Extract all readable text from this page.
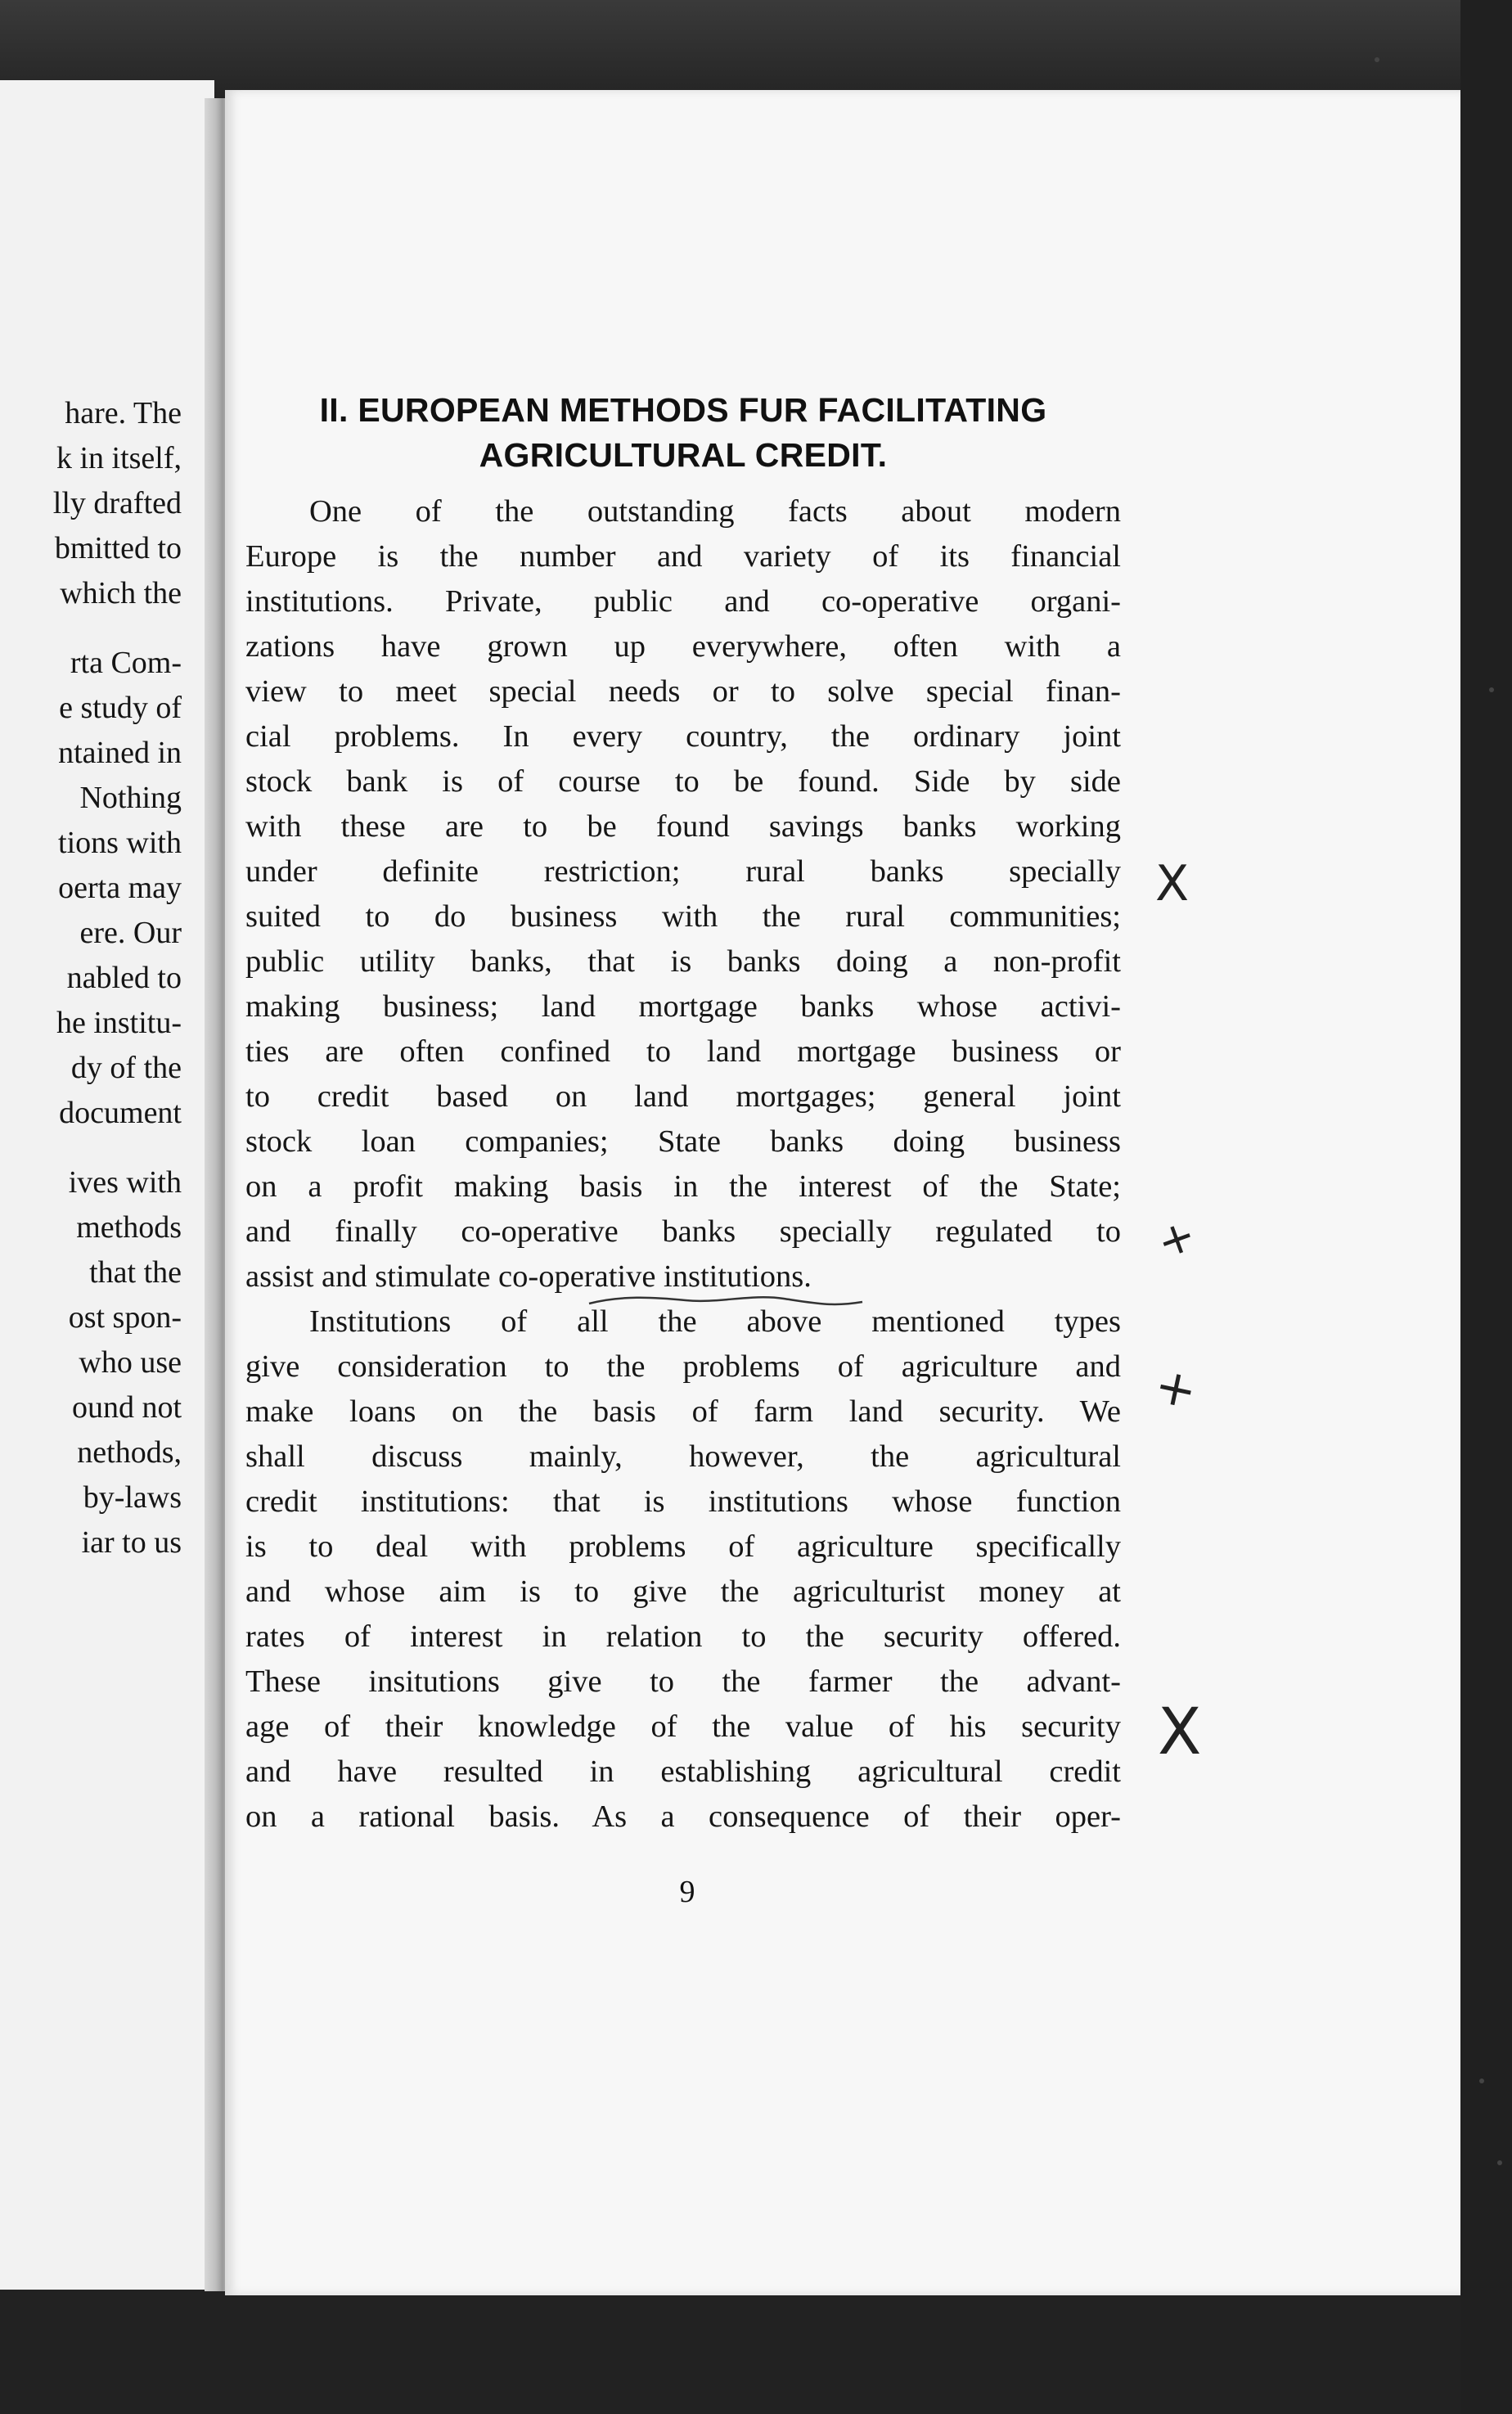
hare. The
k in itself,
lly drafted
bmitted to
which the
rta Com-
e study of
ntained in
Nothing
tions with
oerta may
ere. Our
nabled to
he institu-
dy of the
document
ives with
methods
that the
ost spon-
who use
ound not
nethods,
by-laws
iar to us
II. EUROPEAN METHODS FUR FACILITATING
AGRICULTURAL CREDIT.
One of the outstanding facts about modern
Europe is the number and variety of its financial
institutions. Private, public and co-operative organi-
zations have grown up everywhere, often with a
view to meet special needs or to solve special finan-
cial problems. In every country, the ordinary joint
stock bank is of course to be found. Side by side
with these are to be found savings banks working
under definite restriction; rural banks specially
suited to do business with the rural communities;
public utility banks, that is banks doing a non-profit
making business; land mortgage banks whose activi-
ties are often confined to land mortgage business or
to credit based on land mortgages; general joint
stock loan companies; State banks doing business
on a profit making basis in the interest of the State;
and finally co-operative banks specially regulated to
assist and stimulate co-operative institutions.
Institutions of all the above mentioned types
give consideration to the problems of agriculture and
make loans on the basis of farm land security. We
shall discuss mainly, however, the agricultural
credit institutions: that is institutions whose function
is to deal with problems of agriculture specifically
and whose aim is to give the agriculturist money at
rates of interest in relation to the security offered.
These insitutions give to the farmer the advant-
age of their knowledge of the value of his security
and have resulted in establishing agricultural credit
on a rational basis. As a consequence of their oper-
X
+
+
X
9
